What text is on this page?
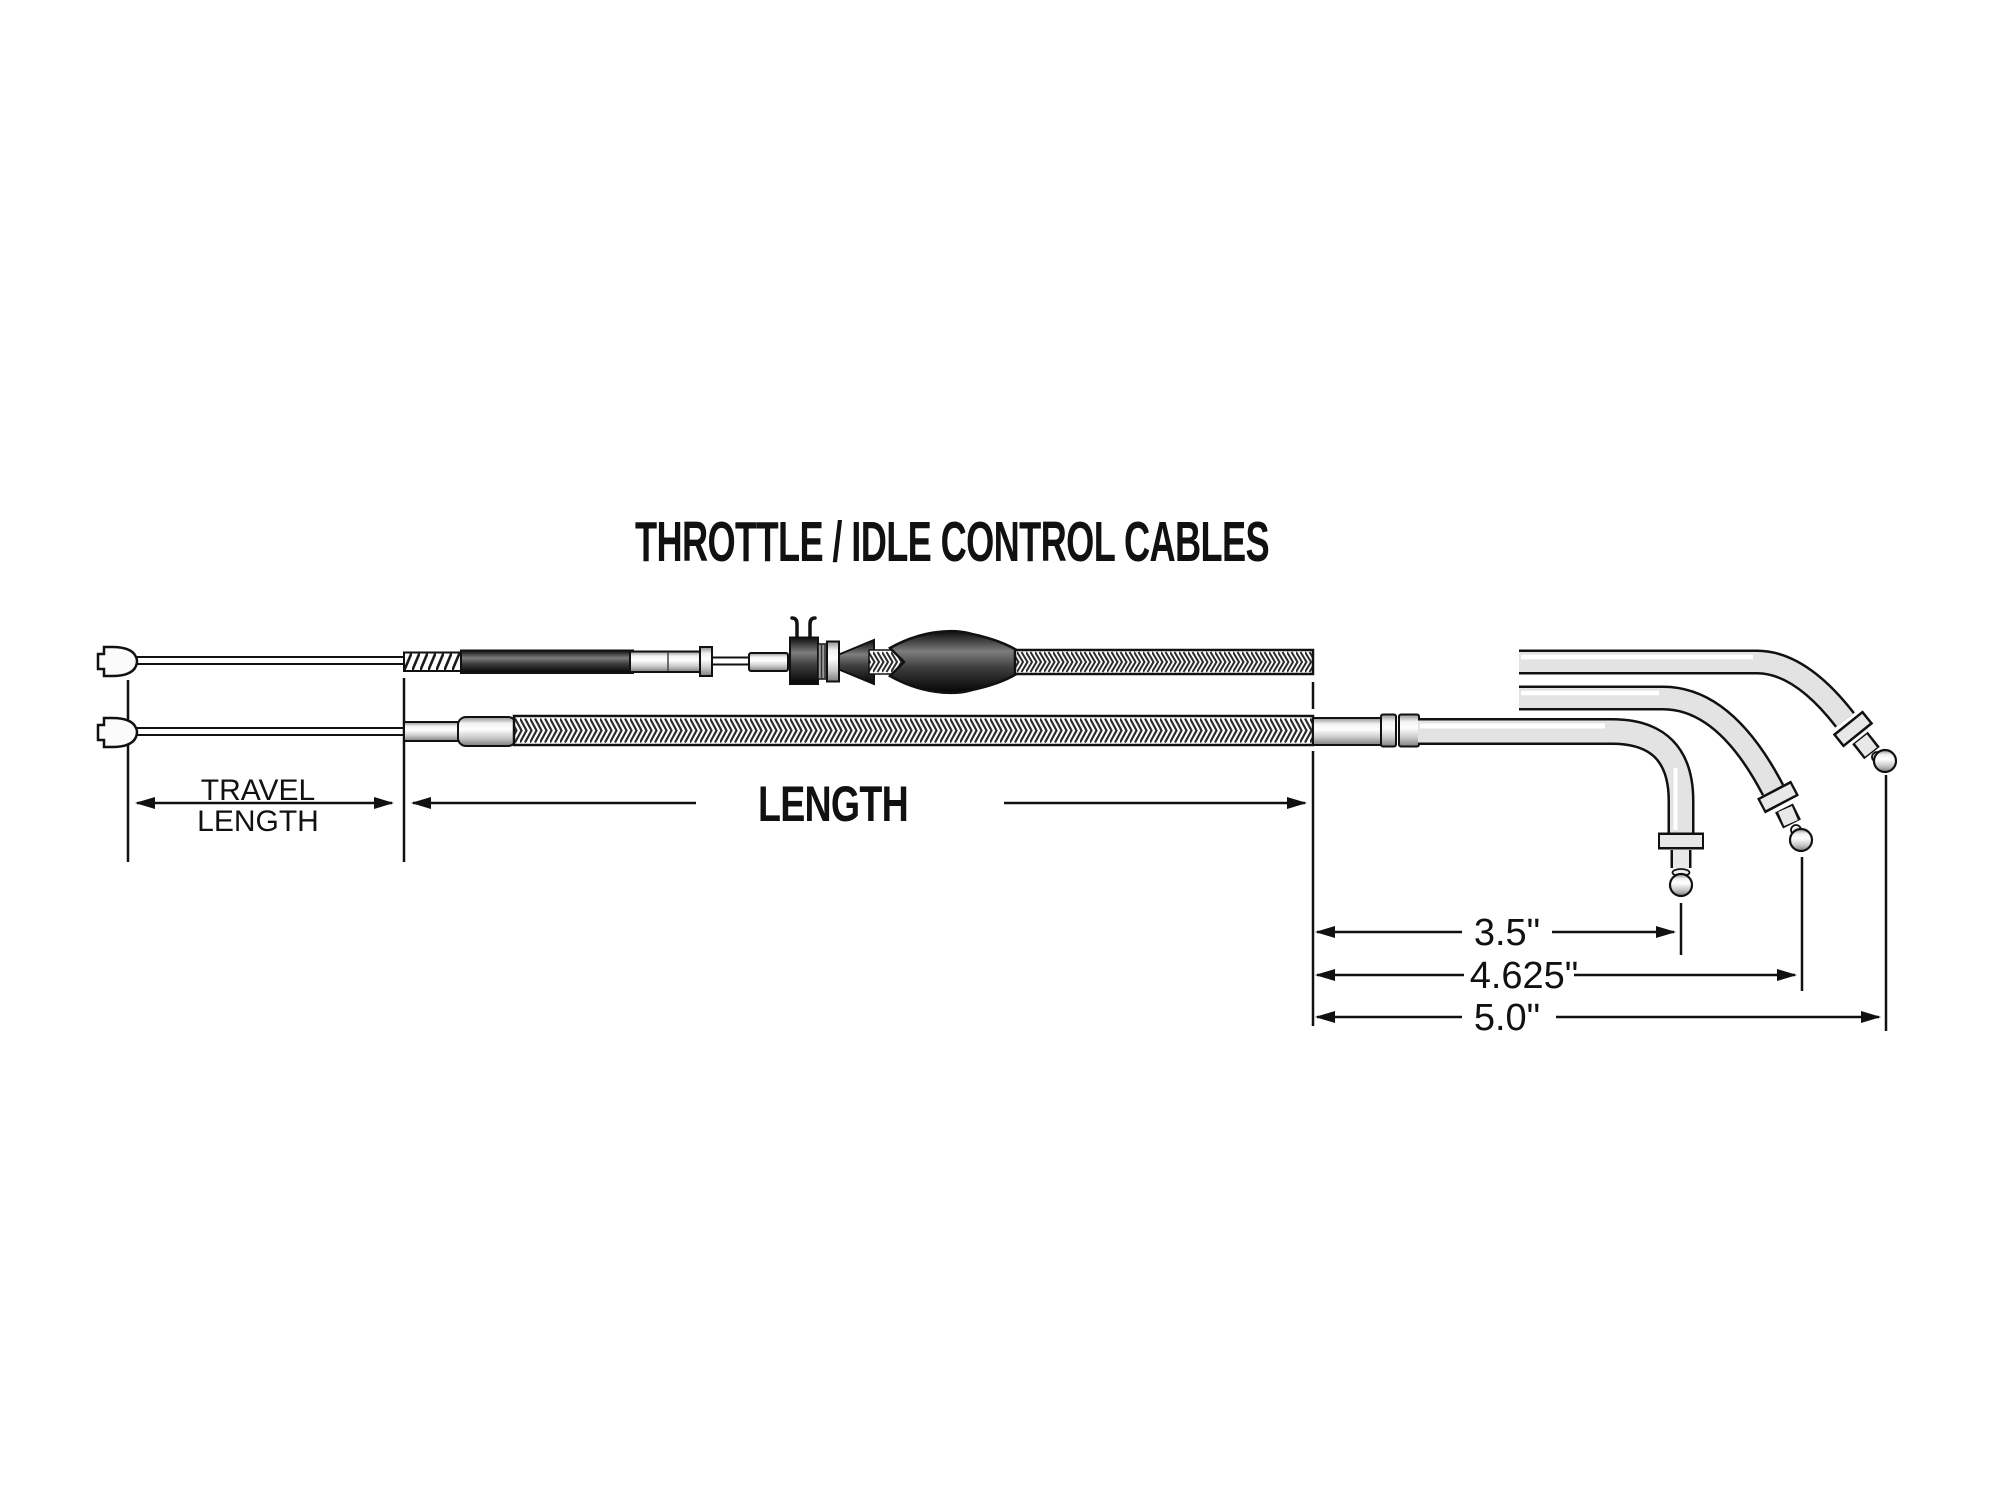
THROTTLE / IDLE CONTROL CABLES
TRAVEL
LENGTH	LENGTH
3.5"
4.625"
5.0"
